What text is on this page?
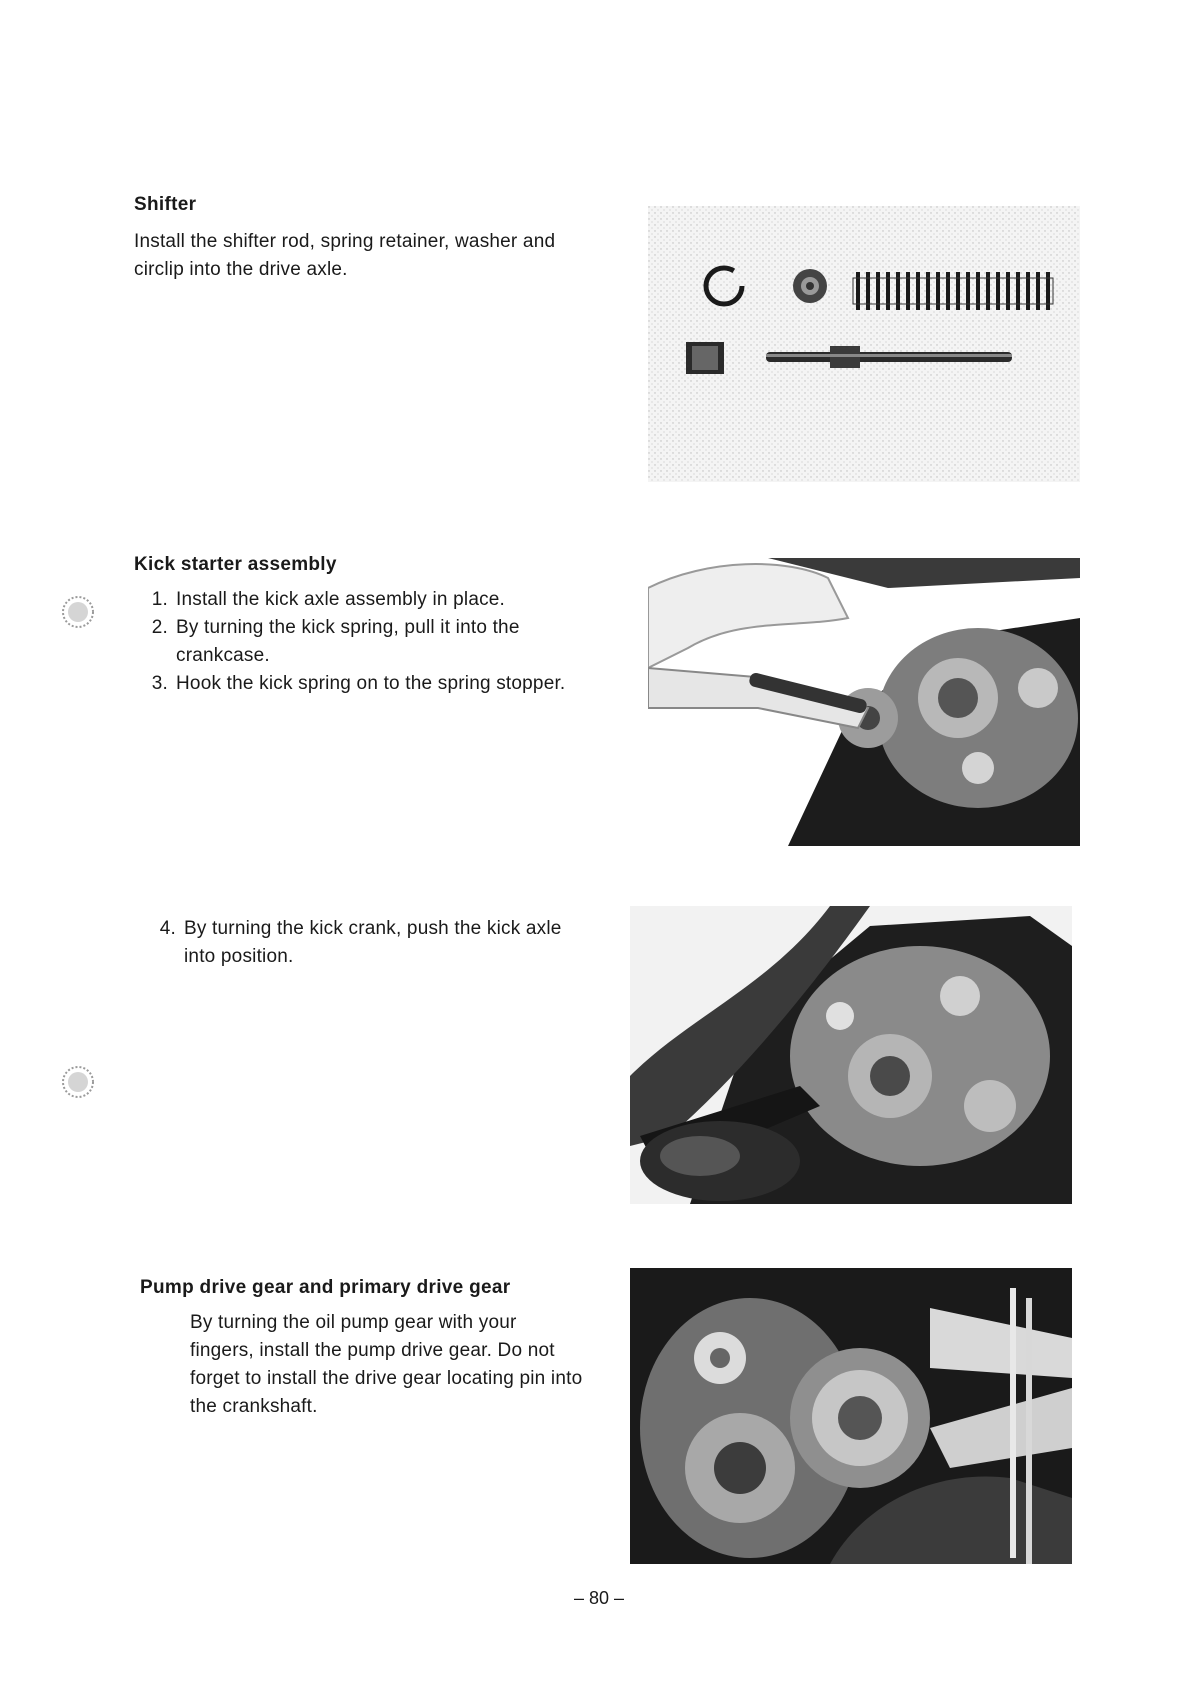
Shifter
Install the shifter rod, spring retainer, washer and circlip into the drive axle.
Kick starter assembly
1. Install the kick axle assembly in place.
2. By turning the kick spring, pull it into the crankcase.
3. Hook the kick spring on to the spring stopper.
4. By turning the kick crank, push the kick axle into position.
Pump drive gear and primary drive gear
By turning the oil pump gear with your fingers, install the pump drive gear. Do not forget to install the drive gear locating pin into the crankshaft.
– 80 –
